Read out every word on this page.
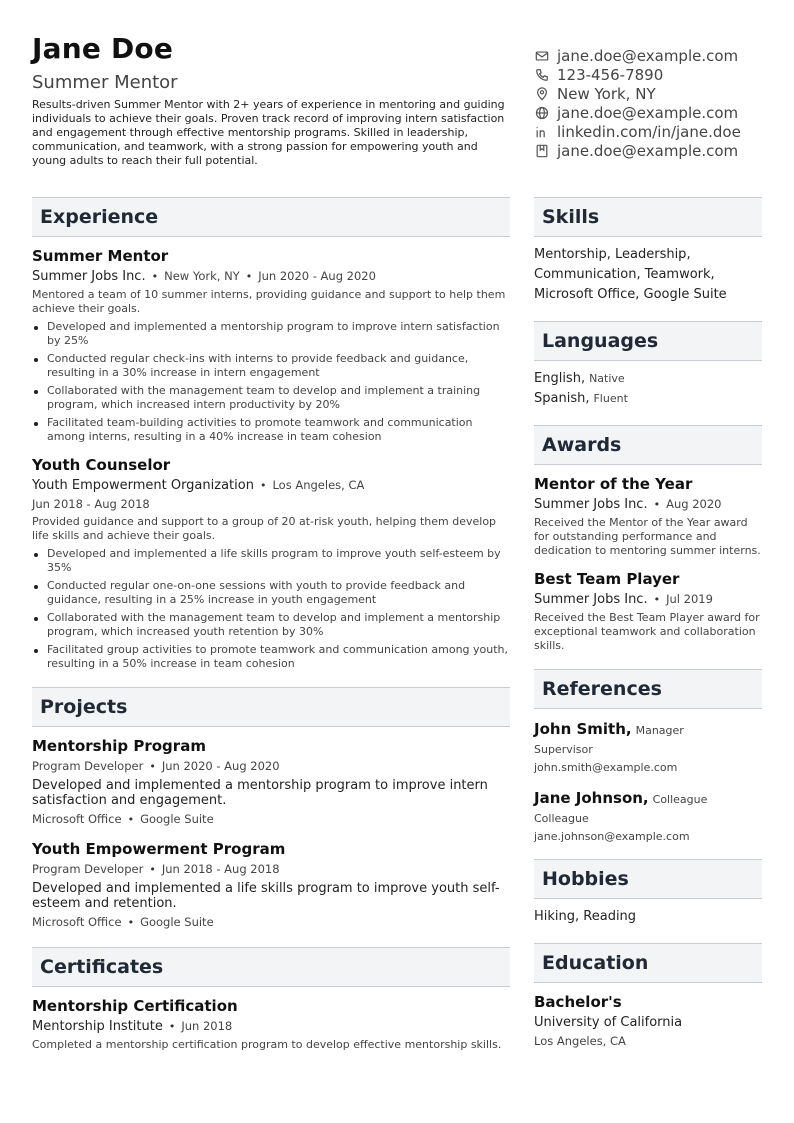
Jane Doe
Summer Mentor
Results-driven Summer Mentor with 2+ years of experience in mentoring and guiding individuals to achieve their goals. Proven track record of improving intern satisfaction and engagement through effective mentorship programs. Skilled in leadership, communication, and teamwork, with a strong passion for empowering youth and young adults to reach their full potential.
jane.doe@example.com
123-456-7890
New York, NY
jane.doe@example.com
linkedin.com/in/jane.doe
jane.doe@example.com
Experience
Summer Mentor
Summer Jobs Inc. • New York, NY • Jun 2020 - Aug 2020
Mentored a team of 10 summer interns, providing guidance and support to help them achieve their goals.
Developed and implemented a mentorship program to improve intern satisfaction by 25%
Conducted regular check-ins with interns to provide feedback and guidance, resulting in a 30% increase in intern engagement
Collaborated with the management team to develop and implement a training program, which increased intern productivity by 20%
Facilitated team-building activities to promote teamwork and communication among interns, resulting in a 40% increase in team cohesion
Youth Counselor
Youth Empowerment Organization • Los Angeles, CA
Jun 2018 - Aug 2018
Provided guidance and support to a group of 20 at-risk youth, helping them develop life skills and achieve their goals.
Developed and implemented a life skills program to improve youth self-esteem by 35%
Conducted regular one-on-one sessions with youth to provide feedback and guidance, resulting in a 25% increase in youth engagement
Collaborated with the management team to develop and implement a mentorship program, which increased youth retention by 30%
Facilitated group activities to promote teamwork and communication among youth, resulting in a 50% increase in team cohesion
Projects
Mentorship Program
Program Developer • Jun 2020 - Aug 2020
Developed and implemented a mentorship program to improve intern satisfaction and engagement.
Microsoft Office • Google Suite
Youth Empowerment Program
Program Developer • Jun 2018 - Aug 2018
Developed and implemented a life skills program to improve youth self-esteem and retention.
Microsoft Office • Google Suite
Certificates
Mentorship Certification
Mentorship Institute • Jun 2018
Completed a mentorship certification program to develop effective mentorship skills.
Skills
Mentorship, Leadership,
Communication, Teamwork,
Microsoft Office, Google Suite
Languages
English, Native
Spanish, Fluent
Awards
Mentor of the Year
Summer Jobs Inc. • Aug 2020
Received the Mentor of the Year award for outstanding performance and dedication to mentoring summer interns.
Best Team Player
Summer Jobs Inc. • Jul 2019
Received the Best Team Player award for exceptional teamwork and collaboration skills.
References
John Smith, Manager
Supervisor
john.smith@example.com
Jane Johnson, Colleague
Colleague
jane.johnson@example.com
Hobbies
Hiking, Reading
Education
Bachelor's
University of California
Los Angeles, CA
